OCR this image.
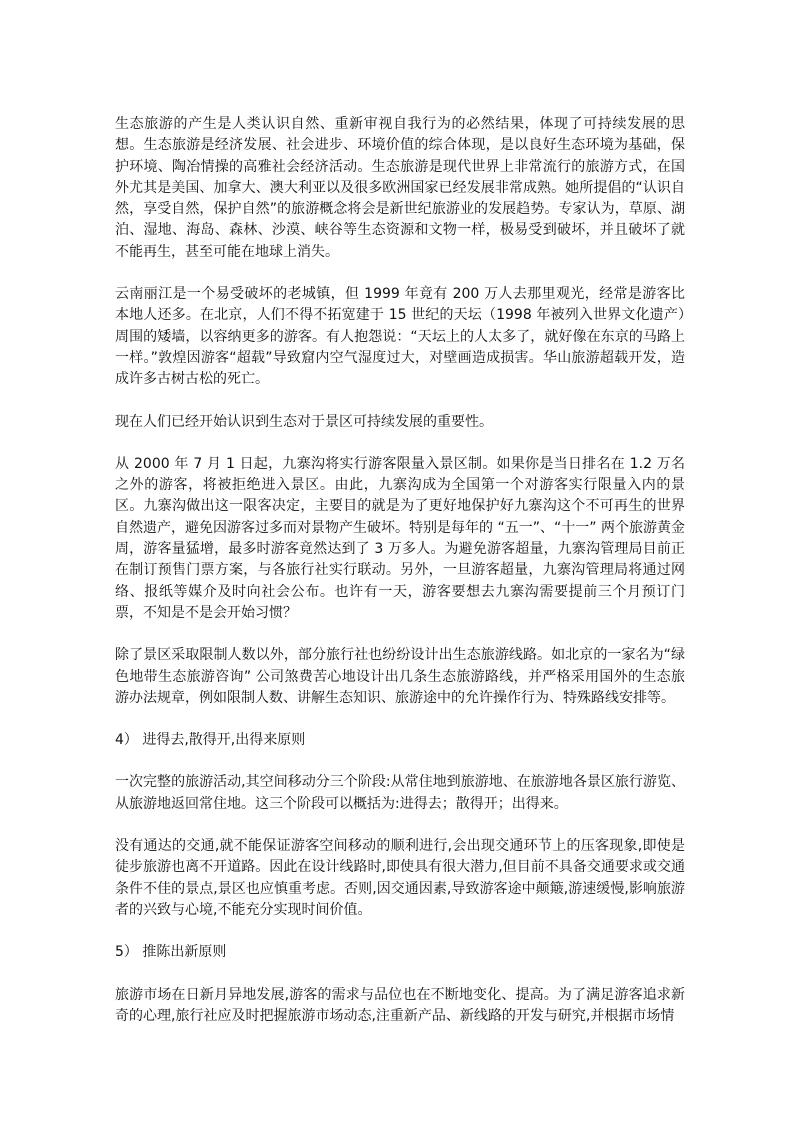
生态旅游的产生是人类认识自然、重新审视自我行为的必然结果，体现了可持续发展的思想。生态旅游是经济发展、社会进步、环境价值的综合体现，是以良好生态环境为基础，保护环境、陶冶情操的高雅社会经济活动。生态旅游是现代世界上非常流行的旅游方式，在国外尤其是美国、加拿大、澳大利亚以及很多欧洲国家已经发展非常成熟。她所提倡的“认识自然，享受自然，保护自然”的旅游概念将会是新世纪旅游业的发展趋势。专家认为，草原、湖泊、湿地、海岛、森林、沙漠、峡谷等生态资源和文物一样，极易受到破坏，并且破坏了就不能再生，甚至可能在地球上消失。

云南丽江是一个易受破坏的老城镇，但 1999 年竟有 200 万人去那里观光，经常是游客比本地人还多。在北京，人们不得不拓宽建于 15 世纪的天坛（1998 年被列入世界文化遗产）周围的矮墙，以容纳更多的游客。有人抱怨说：“天坛上的人太多了，就好像在东京的马路上一样。”敦煌因游客“超载”导致窟内空气湿度过大，对壁画造成损害。华山旅游超载开发，造成许多古树古松的死亡。

现在人们已经开始认识到生态对于景区可持续发展的重要性。

从 2000 年 7 月 1 日起，九寨沟将实行游客限量入景区制。如果你是当日排名在 1.2 万名之外的游客，将被拒绝进入景区。由此，九寨沟成为全国第一个对游客实行限量入内的景区。九寨沟做出这一限客决定，主要目的就是为了更好地保护好九寨沟这个不可再生的世界自然遗产，避免因游客过多而对景物产生破坏。特别是每年的 “五一”、“十一” 两个旅游黄金周，游客量猛增，最多时游客竟然达到了 3 万多人。为避免游客超量，九寨沟管理局目前正在制订预售门票方案，与各旅行社实行联动。另外，一旦游客超量，九寨沟管理局将通过网络、报纸等媒介及时向社会公布。也许有一天，游客要想去九寨沟需要提前三个月预订门票，不知是不是会开始习惯？

除了景区采取限制人数以外，部分旅行社也纷纷设计出生态旅游线路。如北京的一家名为“绿色地带生态旅游咨询” 公司煞费苦心地设计出几条生态旅游路线，并严格采用国外的生态旅游办法规章，例如限制人数、讲解生态知识、旅游途中的允许操作行为、特殊路线安排等。

4） 进得去,散得开,出得来原则

一次完整的旅游活动,其空间移动分三个阶段:从常住地到旅游地、在旅游地各景区旅行游览、从旅游地返回常住地。这三个阶段可以概括为:进得去；散得开；出得来。

没有通达的交通,就不能保证游客空间移动的顺利进行,会出现交通环节上的压客现象,即使是徒步旅游也离不开道路。因此在设计线路时,即使具有很大潜力,但目前不具备交通要求或交通条件不佳的景点,景区也应慎重考虑。否则,因交通因素,导致游客途中颠簸,游速缓慢,影响旅游者的兴致与心境,不能充分实现时间价值。

5） 推陈出新原则

旅游市场在日新月异地发展,游客的需求与品位也在不断地变化、提高。为了满足游客追求新奇的心理,旅行社应及时把握旅游市场动态,注重新产品、新线路的开发与研究,并根据市场情
